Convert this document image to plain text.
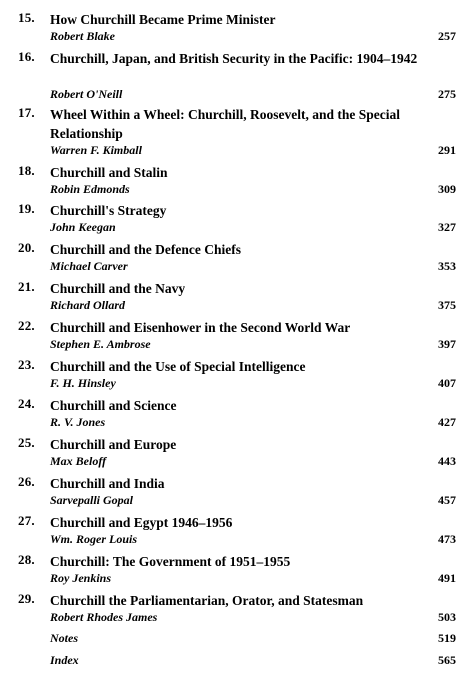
15. How Churchill Became Prime Minister
Robert Blake	257
16. Churchill, Japan, and British Security in the Pacific: 1904–1942
Robert O'Neill	275
17. Wheel Within a Wheel: Churchill, Roosevelt, and the Special Relationship
Warren F. Kimball	291
18. Churchill and Stalin
Robin Edmonds	309
19. Churchill's Strategy
John Keegan	327
20. Churchill and the Defence Chiefs
Michael Carver	353
21. Churchill and the Navy
Richard Ollard	375
22. Churchill and Eisenhower in the Second World War
Stephen E. Ambrose	397
23. Churchill and the Use of Special Intelligence
F. H. Hinsley	407
24. Churchill and Science
R. V. Jones	427
25. Churchill and Europe
Max Beloff	443
26. Churchill and India
Sarvepalli Gopal	457
27. Churchill and Egypt 1946–1956
Wm. Roger Louis	473
28. Churchill: The Government of 1951–1955
Roy Jenkins	491
29. Churchill the Parliamentarian, Orator, and Statesman
Robert Rhodes James	503
Notes	519
Index	565
